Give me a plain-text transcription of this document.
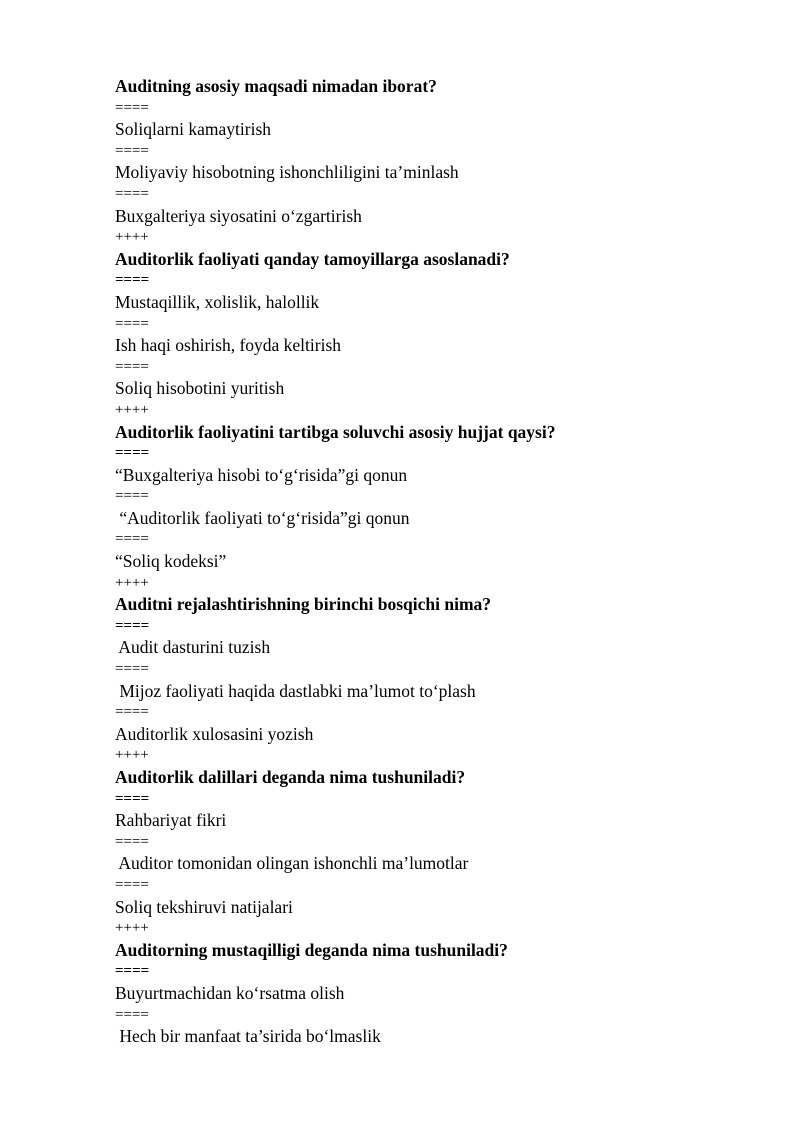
Auditning asosiy maqsadi nimadan iborat?
====
Soliqlarni kamaytirish
====
Moliyaviy hisobotning ishonchliligini ta’minlash
====
Buxgalteriya siyosatini o‘zgartirish
++++
Auditorlik faoliyati qanday tamoyillarga asoslanadi?
====
Mustaqillik, xolislik, halollik
====
Ish haqi oshirish, foyda keltirish
====
Soliq hisobotini yuritish
++++
Auditorlik faoliyatini tartibga soluvchi asosiy hujjat qaysi?
====
“Buxgalteriya hisobi to‘g‘risida”gi qonun
====
“Auditorlik faoliyati to‘g‘risida”gi qonun
====
“Soliq kodeksi”
++++
Auditni rejalashtirishning birinchi bosqichi nima?
====
Audit dasturini tuzish
====
Mijoz faoliyati haqida dastlabki ma’lumot to‘plash
====
Auditorlik xulosasini yozish
++++
Auditorlik dalillari deganda nima tushuniladi?
====
Rahbariyat fikri
====
Auditor tomonidan olingan ishonchli ma’lumotlar
====
Soliq tekshiruvi natijalari
++++
Auditorning mustaqilligi deganda nima tushuniladi?
====
Buyurtmachidan ko‘rsatma olish
====
Hech bir manfaat ta’sirida bo‘lmaslik
